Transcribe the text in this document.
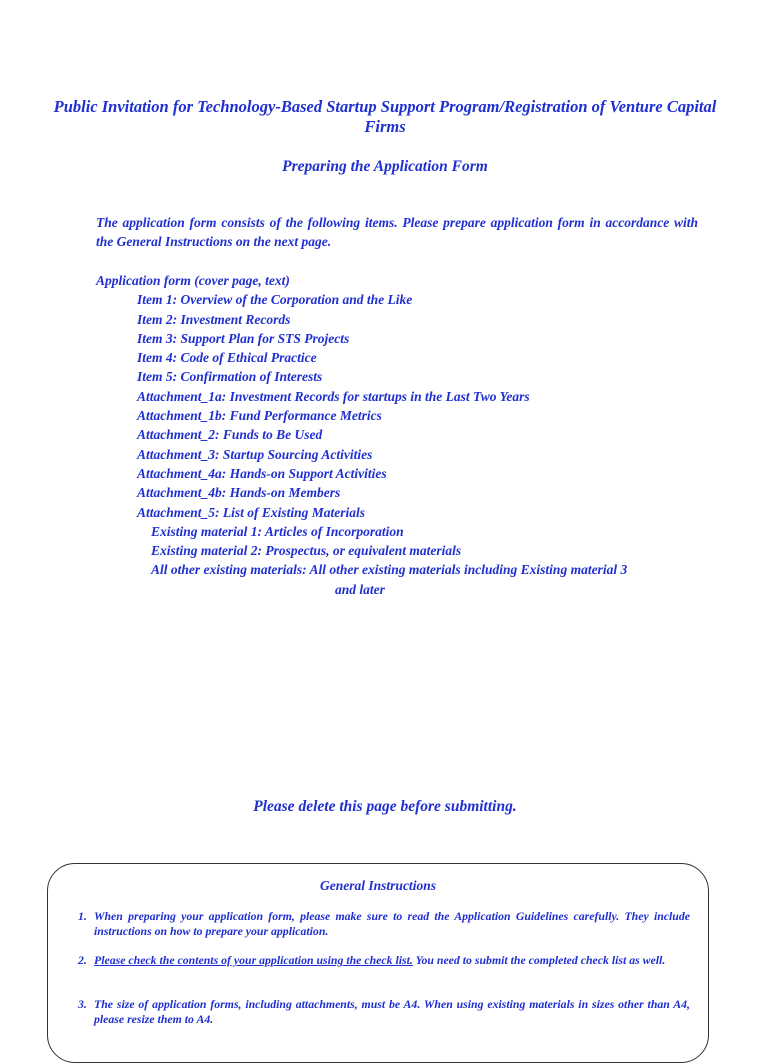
Public Invitation for Technology-Based Startup Support Program/Registration of Venture Capital Firms

Preparing the Application Form

The application form consists of the following items. Please prepare application form in accordance with the General Instructions on the next page.

Application form (cover page, text)
Item 1: Overview of the Corporation and the Like
Item 2: Investment Records
Item 3: Support Plan for STS Projects
Item 4: Code of Ethical Practice
Item 5: Confirmation of Interests
Attachment_1a: Investment Records for startups in the Last Two Years
Attachment_1b: Fund Performance Metrics
Attachment_2: Funds to Be Used
Attachment_3: Startup Sourcing Activities
Attachment_4a: Hands-on Support Activities
Attachment_4b: Hands-on Members
Attachment_5: List of Existing Materials
Existing material 1: Articles of Incorporation
Existing material 2: Prospectus, or equivalent materials
All other existing materials: All other existing materials including Existing material 3
and later

Please delete this page before submitting.

General Instructions

1. When preparing your application form, please make sure to read the Application Guidelines carefully. They include instructions on how to prepare your application.
2. Please check the contents of your application using the check list. You need to submit the completed check list as well.
3. The size of application forms, including attachments, must be A4. When using existing materials in sizes other than A4, please resize them to A4.
